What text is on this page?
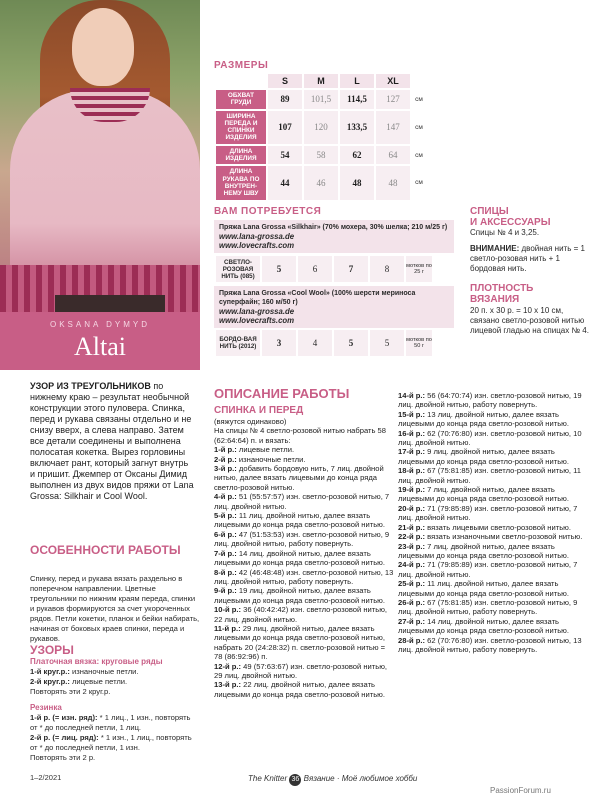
OKSANA DYMYD
Altai
УЗОР ИЗ ТРЕУГОЛЬНИКОВ по нижнему краю – результат необычной конструкции этого пуловера. Спинка, перед и рукава связаны отдельно и не снизу вверх, а слева направо. Затем все детали соединены и выполнена полосатая кокетка. Вырез горловины включает рант, который загнут внутрь и пришит. Джемпер от Оксаны Димид выполнен из двух видов пряжи от Lana Grossa: Silkhair и Cool Wool.
ОСОБЕННОСТИ РАБОТЫ
Спинку, перед и рукава вязать раздельно в поперечном направлении. Цветные треугольники по нижним краям переда, спинки и рукавов формируются за счет укороченных рядов. Петли кокетки, планок и бейки набирать, начиная от боковых краев спинки, переда и рукавов.
УЗОРЫ
Платочная вязка: круговые ряды
1-й круг.р.: изнаночные петли.
2-й круг.р.: лицевые петли.
Повторять эти 2 круг.р.
Резинка
1-й р. (= изн. ряд): * 1 лиц., 1 изн., повторять от * до последней петли, 1 лиц.
2-й р. (= лиц. ряд): * 1 изн., 1 лиц., повторять от * до последней петли, 1 изн.
Повторять эти 2 р.
1–2/2021
РАЗМЕРЫ
	S	M	L	XL	
ОБХВАТ ГРУДИ	89	101,5	114,5	127	см
ШИРИНА ПЕРЕДА И СПИНКИ ИЗДЕЛИЯ	107	120	133,5	147	см
ДЛИНА ИЗДЕЛИЯ	54	58	62	64	см
ДЛИНА РУКАВА ПО ВНУТРЕН-НЕМУ ШВУ	44	46	48	48	см
ВАМ ПОТРЕБУЕТСЯ
Пряжа Lana Grossa «Silkhair» (70% мохера, 30% шелка; 210 м/25 г)
www.lana-grossa.de
www.lovecrafts.com
СВЕТЛО-РОЗОВАЯ НИТЬ (085)	5	6	7	8	мотков по 25 г
Пряжа Lana Grossa «Cool Wool» (100% шерсти мериноса суперфайн; 160 м/50 г)
www.lana-grossa.de
www.lovecrafts.com
БОРДО-ВАЯ НИТЬ (2012)	3	4	5	5	мотков по 50 г
СПИЦЫ
И АКСЕССУАРЫ
Спицы № 4 и 3,25.
ВНИМАНИЕ: двойная нить = 1 светло-розовая нить + 1 бордовая нить.
ПЛОТНОСТЬ
ВЯЗАНИЯ
20 п. х 30 р. = 10 х 10 см, связано светло-розовой нитью лицевой гладью на спицах № 4.
ОПИСАНИЕ РАБОТЫ
СПИНКА И ПЕРЕД
(вяжутся одинаково)
На спицы № 4 светло-розовой нитью набрать 58 (62:64:64) п. и вязать:
1-й р.: лицевые петли.
2-й р.: изнаночные петли.
3-й р.: добавить бордовую нить, 7 лиц. двойной нитью, далее вязать лицевыми до конца ряда светло-розовой нитью.
4-й р.: 51 (55:57:57) изн. светло-розовой нитью, 7 лиц. двойной нитью.
5-й р.: 11 лиц. двойной нитью, далее вязать лицевыми до конца ряда светло-розовой нитью.
6-й р.: 47 (51:53:53) изн. светло-розовой нитью, 9 лиц. двойной нитью, работу повернуть.
7-й р.: 14 лиц. двойной нитью, далее вязать лицевыми до конца ряда светло-розовой нитью.
8-й р.: 42 (46:48:48) изн. светло-розовой нитью, 13 лиц. двойной нитью, работу повернуть.
9-й р.: 19 лиц. двойной нитью, далее вязать лицевыми до конца ряда светло-розовой нитью.
10-й р.: 36 (40:42:42) изн. светло-розовой нитью, 22 лиц. двойной нитью.
11-й р.: 29 лиц. двойной нитью, далее вязать лицевыми до конца ряда светло-розовой нитью, набрать 20 (24:28:32) п. светло-розовой нитью = 78 (86:92:96) п.
12-й р.: 49 (57:63:67) изн. светло-розовой нитью, 29 лиц. двойной нитью.
13-й р.: 22 лиц. двойной нитью, далее вязать лицевыми до конца ряда светло-розовой нитью.
14-й р.: 56 (64:70:74) изн. светло-розовой нитью, 19 лиц. двойной нитью, работу повернуть.
15-й р.: 13 лиц. двойной нитью, далее вязать лицевыми до конца ряда светло-розовой нитью.
16-й р.: 62 (70:76:80) изн. светло-розовой нитью, 10 лиц. двойной нитью.
17-й р.: 9 лиц. двойной нитью, далее вязать лицевыми до конца ряда светло-розовой нитью.
18-й р.: 67 (75:81:85) изн. светло-розовой нитью, 11 лиц. двойной нитью.
19-й р.: 7 лиц. двойной нитью, далее вязать лицевыми до конца ряда светло-розовой нитью.
20-й р.: 71 (79:85:89) изн. светло-розовой нитью, 7 лиц. двойной нитью.
21-й р.: вязать лицевыми светло-розовой нитью.
22-й р.: вязать изнаночными светло-розовой нитью.
23-й р.: 7 лиц. двойной нитью, далее вязать лицевыми до конца ряда светло-розовой нитью.
24-й р.: 71 (79:85:89) изн. светло-розовой нитью, 7 лиц. двойной нитью.
25-й р.: 11 лиц. двойной нитью, далее вязать лицевыми до конца ряда светло-розовой нитью.
26-й р.: 67 (75:81:85) изн. светло-розовой нитью, 9 лиц. двойной нитью, работу повернуть.
27-й р.: 14 лиц. двойной нитью, далее вязать лицевыми до конца ряда светло-розовой нитью.
28-й р.: 62 (70:76:80) изн. светло-розовой нитью, 13 лиц. двойной нитью, работу повернуть.
The Knitter 36 Вязание · Моё любимое хобби
PassionForum.ru
